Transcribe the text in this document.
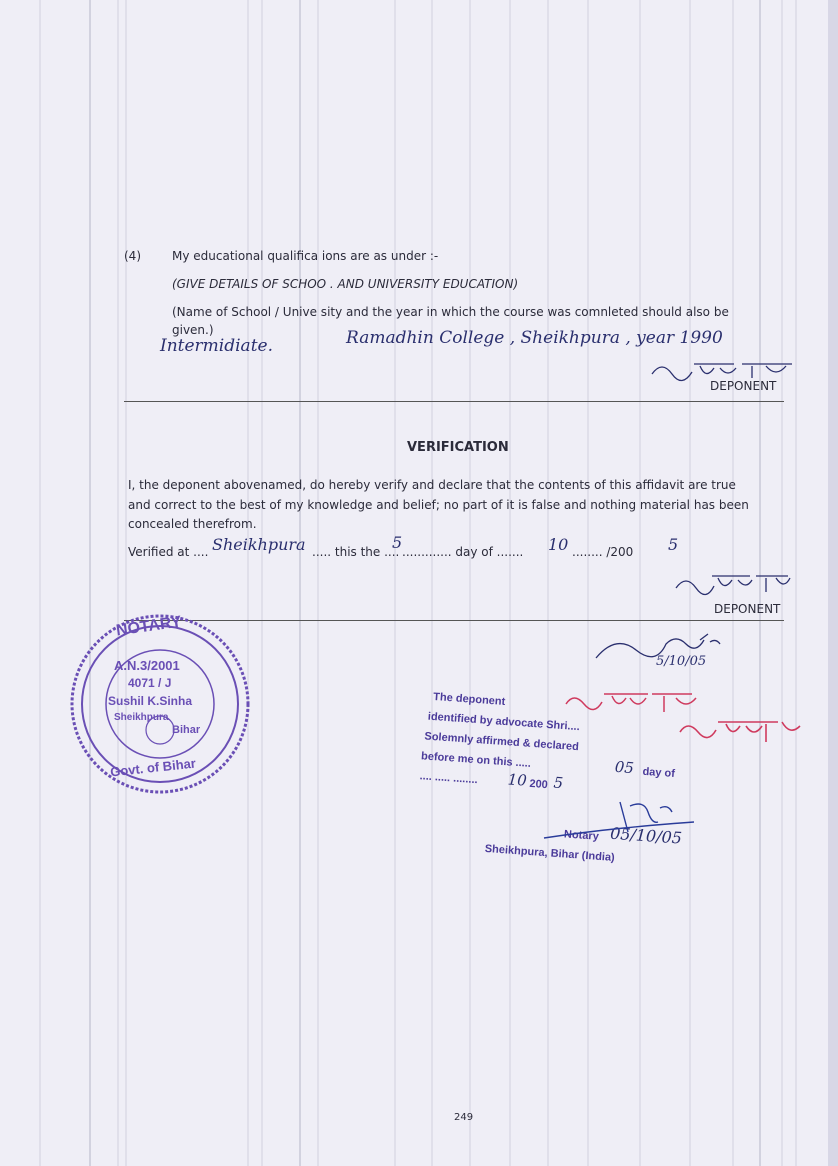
(4)	My educational qualifica ions are as under :-
(GIVE DETAILS OF SCHOO . AND UNIVERSITY EDUCATION)
(Name of School / Unive sity and the year in which the course was comnleted should also be
given.)
Intermidiate.	Ramadhin College , Sheikhpura , year 1990
DEPONENT
VERIFICATION
I, the deponent abovenamed, do hereby verify and declare that the contents of this affidavit are true
and correct to the best of my knowledge and belief; no part of it is false and nothing material has been
concealed therefrom.
Verified at .... Sheikhpura ..... this the ....
5 ............. day of ....... 10 ........ /200 5
DEPONENT
5/10/05
NOTARY
A.N.3/2001
4071 / J
Sushil K.Sinha
Sheikhpura
Bihar
Govt. of Bihar
The deponent
identified by advocate Shri....
Solemnly affirmed & declared
before me on this .....	05 day of
.... ..... ........ 10 200 5
Notary 05/10/05
Sheikhpura, Bihar (India)
249
